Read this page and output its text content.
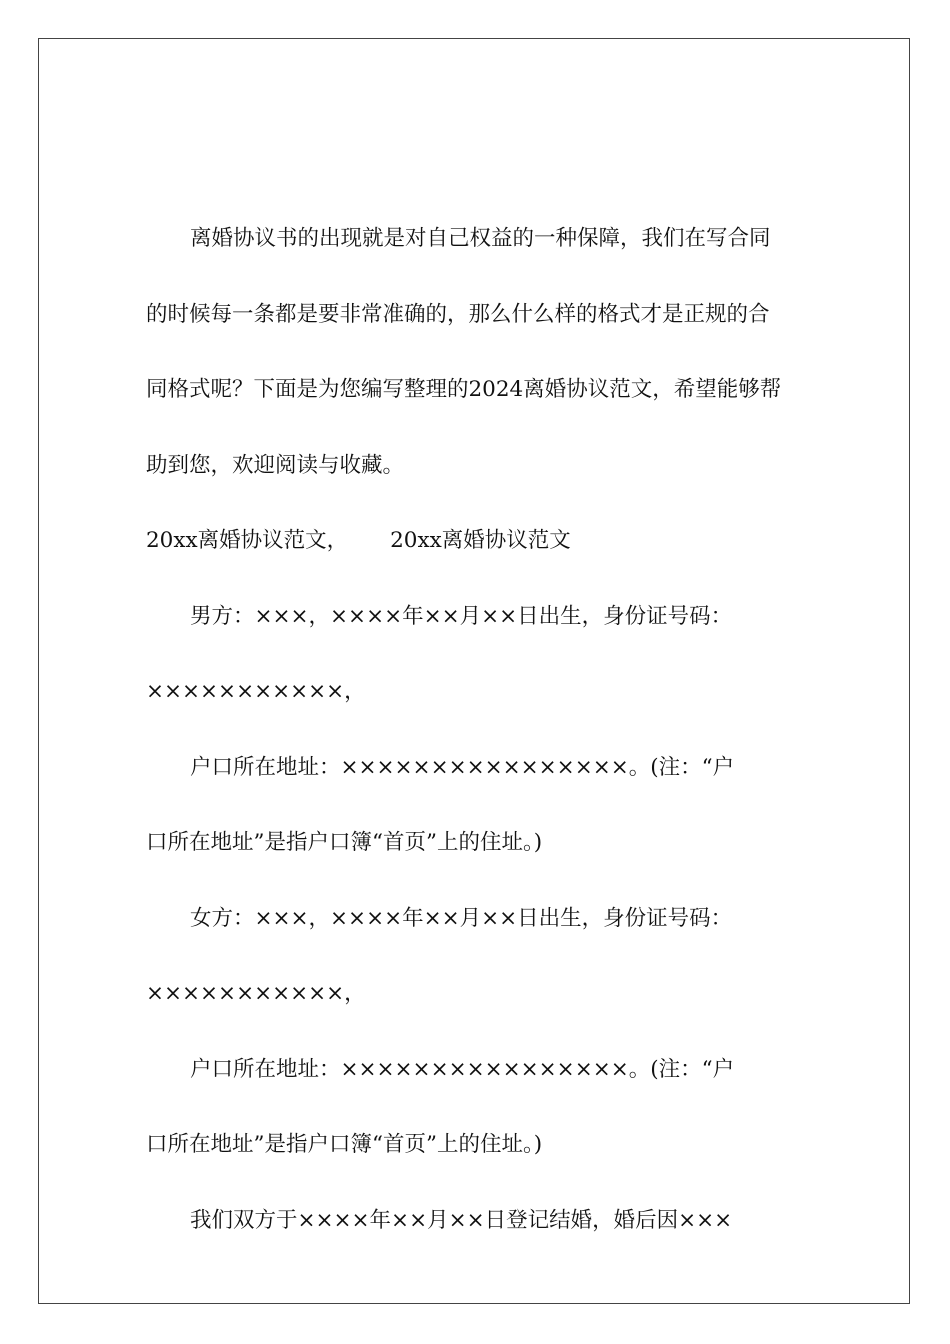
离婚协议书的出现就是对自己权益的一种保障，我们在写合同
的时候每一条都是要非常准确的，那么什么样的格式才是正规的合
同格式呢？下面是为您编写整理的2024离婚协议范文，希望能够帮
助到您，欢迎阅读与收藏。
20xx离婚协议范文， 20xx离婚协议范文
男方：×××，××××年××月××日出生，身份证号码：
×××××××××××，
户口所在地址：××××××××××××××××。(注：“户
口所在地址”是指户口簿“首页”上的住址。)
女方：×××，××××年××月××日出生，身份证号码：
×××××××××××，
户口所在地址：××××××××××××××××。(注：“户
口所在地址”是指户口簿“首页”上的住址。)
我们双方于××××年××月××日登记结婚，婚后因×××
